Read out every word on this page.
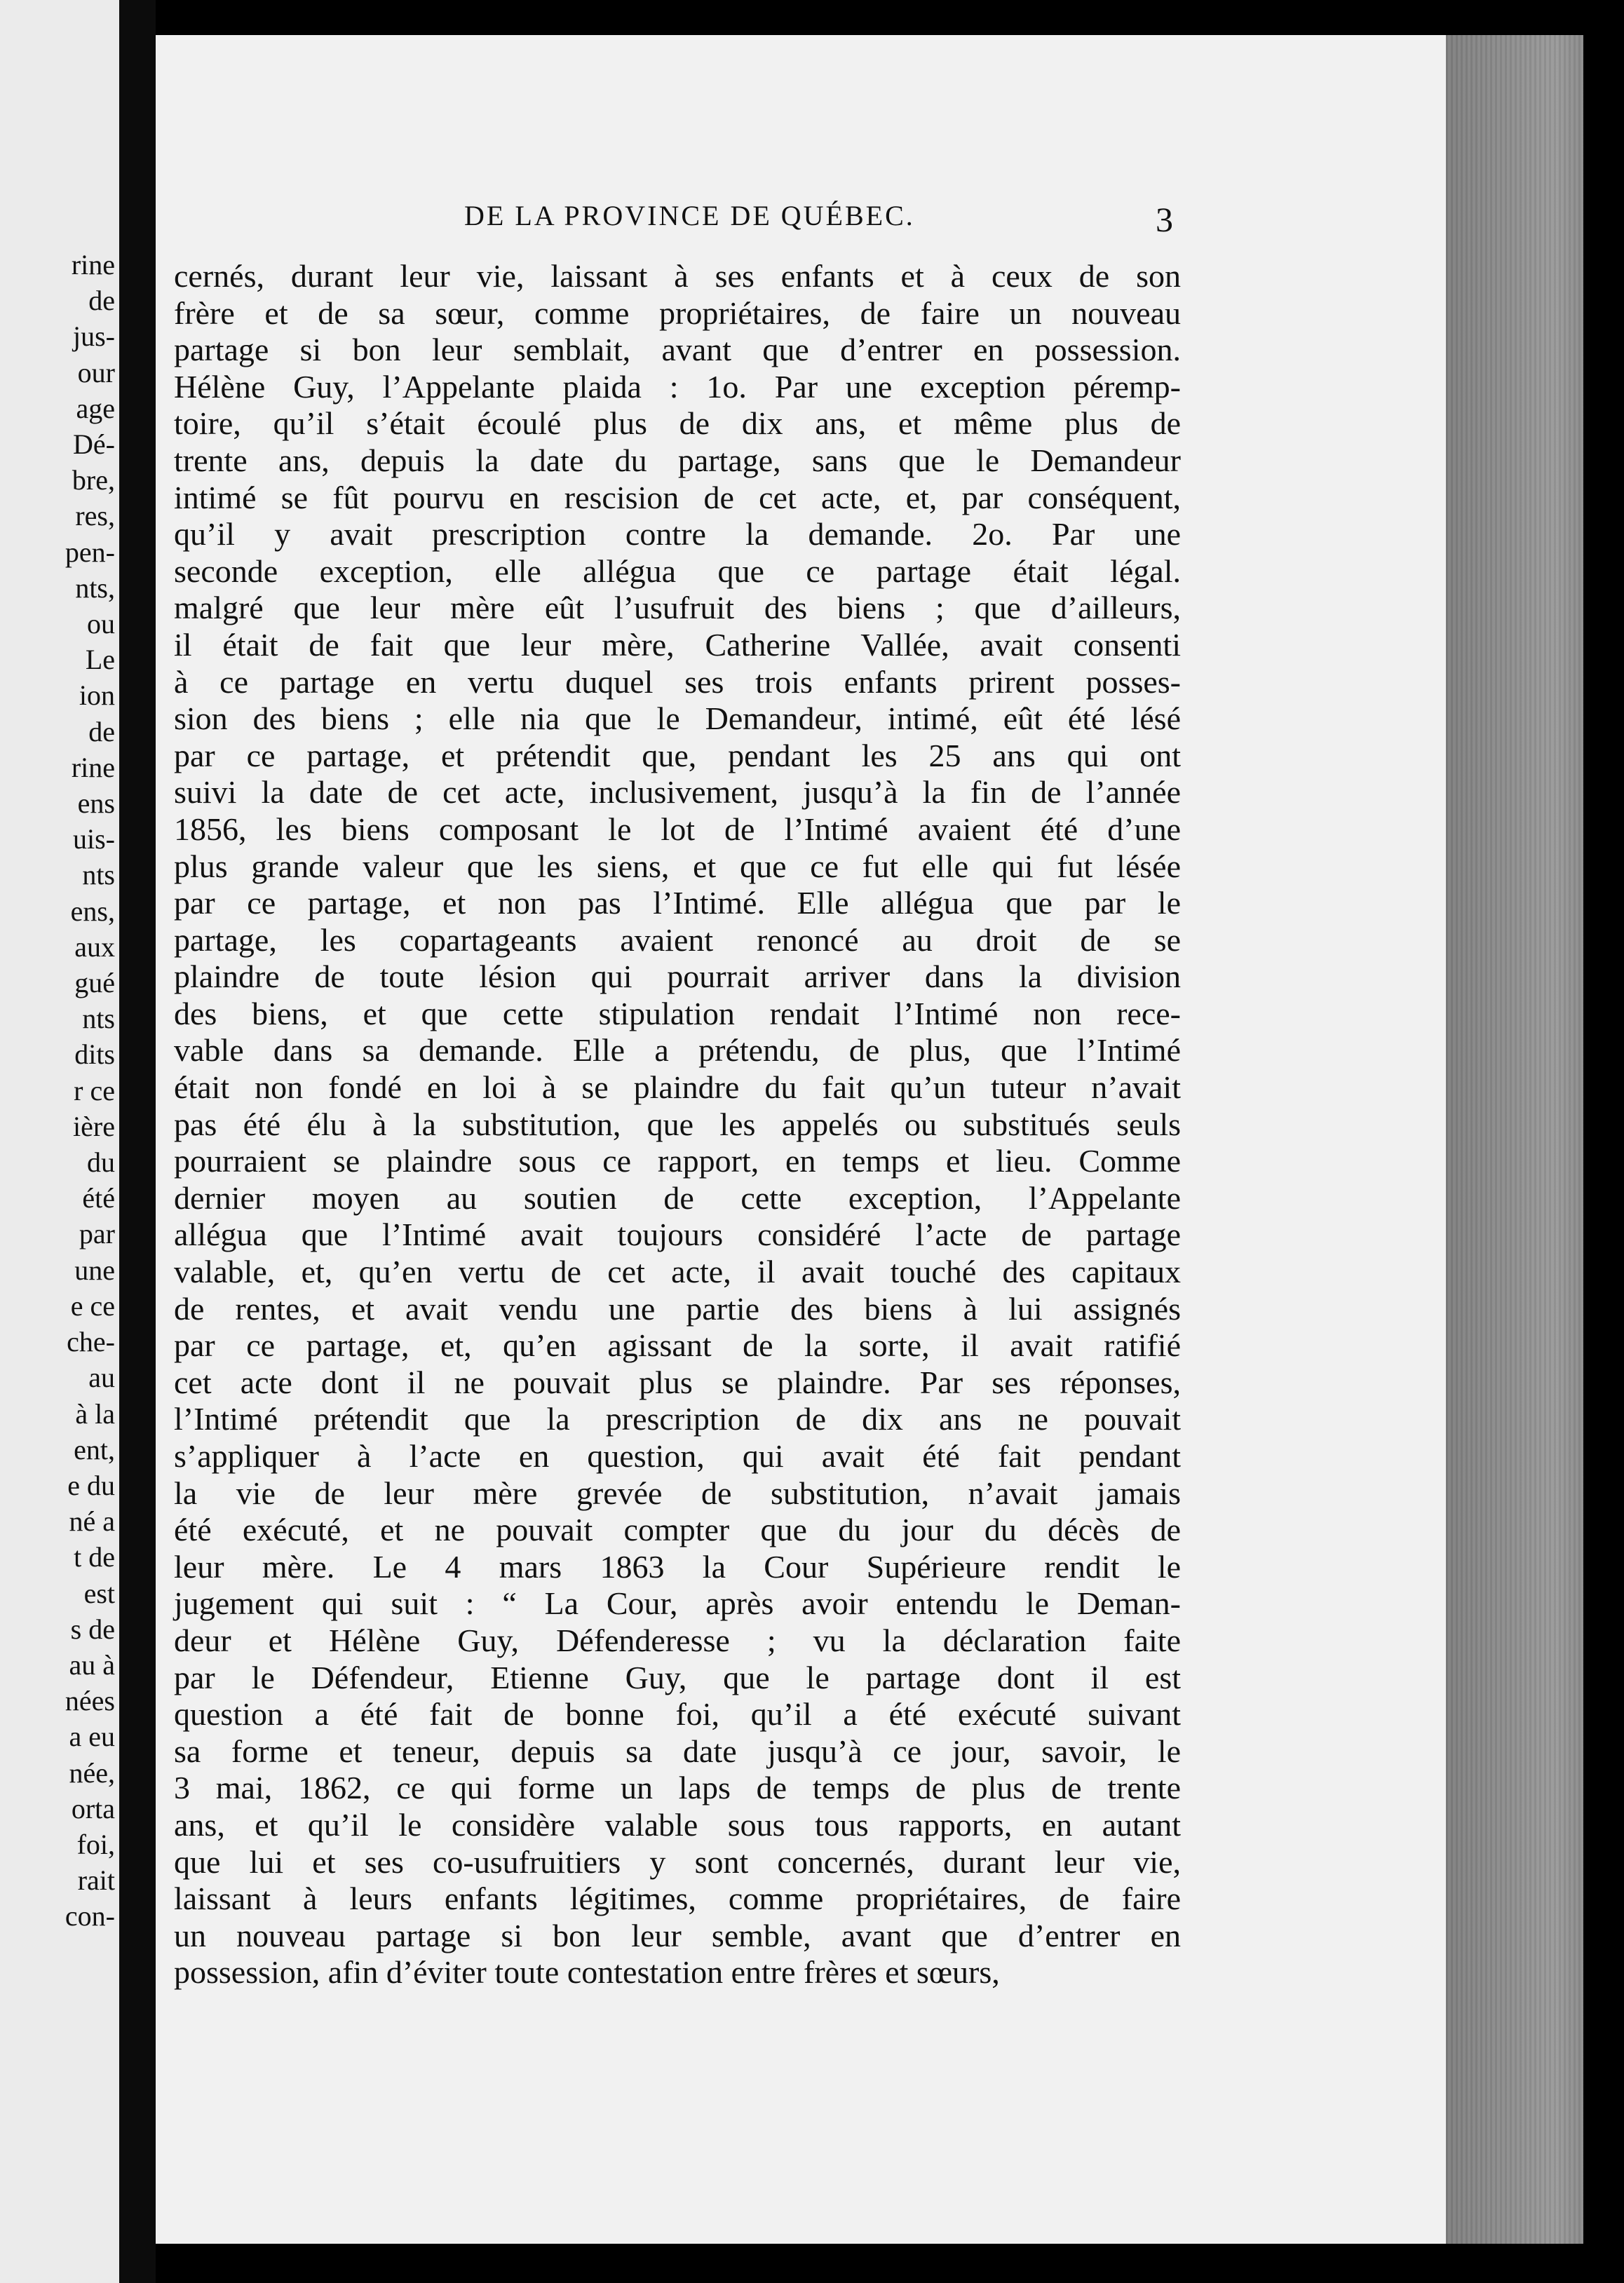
rine
de
jus-
our
age
Dé-
bre,
res,
pen-
nts,
ou
Le
ion
de
rine
ens
uis-
nts
ens,
aux
gué
nts
dits
r ce
ière
du
été
par
une
e ce
che-
au
à la
ent,
e du
né a
t de
est
s de
au à
nées
a eu
née,
orta
foi,
rait
con-
DE LA PROVINCE DE QUÉBEC.	3
cernés, durant leur vie, laissant à ses enfants et à ceux de son
frère et de sa sœur, comme propriétaires, de faire un nouveau
partage si bon leur semblait, avant que d’entrer en possession.
Hélène Guy, l’Appelante plaida : 1o. Par une exception péremp-
toire, qu’il s’était écoulé plus de dix ans, et même plus de
trente ans, depuis la date du partage, sans que le Demandeur
intimé se fût pourvu en rescision de cet acte, et, par conséquent,
qu’il y avait prescription contre la demande. 2o. Par une
seconde exception, elle allégua que ce partage était légal.
malgré que leur mère eût l’usufruit des biens ; que d’ailleurs,
il était de fait que leur mère, Catherine Vallée, avait consenti
à ce partage en vertu duquel ses trois enfants prirent posses-
sion des biens ; elle nia que le Demandeur, intimé, eût été lésé
par ce partage, et prétendit que, pendant les 25 ans qui ont
suivi la date de cet acte, inclusivement, jusqu’à la fin de l’année
1856, les biens composant le lot de l’Intimé avaient été d’une
plus grande valeur que les siens, et que ce fut elle qui fut lésée
par ce partage, et non pas l’Intimé. Elle allégua que par le
partage, les copartageants avaient renoncé au droit de se
plaindre de toute lésion qui pourrait arriver dans la division
des biens, et que cette stipulation rendait l’Intimé non rece-
vable dans sa demande. Elle a prétendu, de plus, que l’Intimé
était non fondé en loi à se plaindre du fait qu’un tuteur n’avait
pas été élu à la substitution, que les appelés ou substitués seuls
pourraient se plaindre sous ce rapport, en temps et lieu. Comme
dernier moyen au soutien de cette exception, l’Appelante
allégua que l’Intimé avait toujours considéré l’acte de partage
valable, et, qu’en vertu de cet acte, il avait touché des capitaux
de rentes, et avait vendu une partie des biens à lui assignés
par ce partage, et, qu’en agissant de la sorte, il avait ratifié
cet acte dont il ne pouvait plus se plaindre. Par ses réponses,
l’Intimé prétendit que la prescription de dix ans ne pouvait
s’appliquer à l’acte en question, qui avait été fait pendant
la vie de leur mère grevée de substitution, n’avait jamais
été exécuté, et ne pouvait compter que du jour du décès de
leur mère. Le 4 mars 1863 la Cour Supérieure rendit le
jugement qui suit : “ La Cour, après avoir entendu le Deman-
deur et Hélène Guy, Défenderesse ; vu la déclaration faite
par le Défendeur, Etienne Guy, que le partage dont il est
question a été fait de bonne foi, qu’il a été exécuté suivant
sa forme et teneur, depuis sa date jusqu’à ce jour, savoir, le
3 mai, 1862, ce qui forme un laps de temps de plus de trente
ans, et qu’il le considère valable sous tous rapports, en autant
que lui et ses co-usufruitiers y sont concernés, durant leur vie,
laissant à leurs enfants légitimes, comme propriétaires, de faire
un nouveau partage si bon leur semble, avant que d’entrer en
possession, afin d’éviter toute contestation entre frères et sœurs,
